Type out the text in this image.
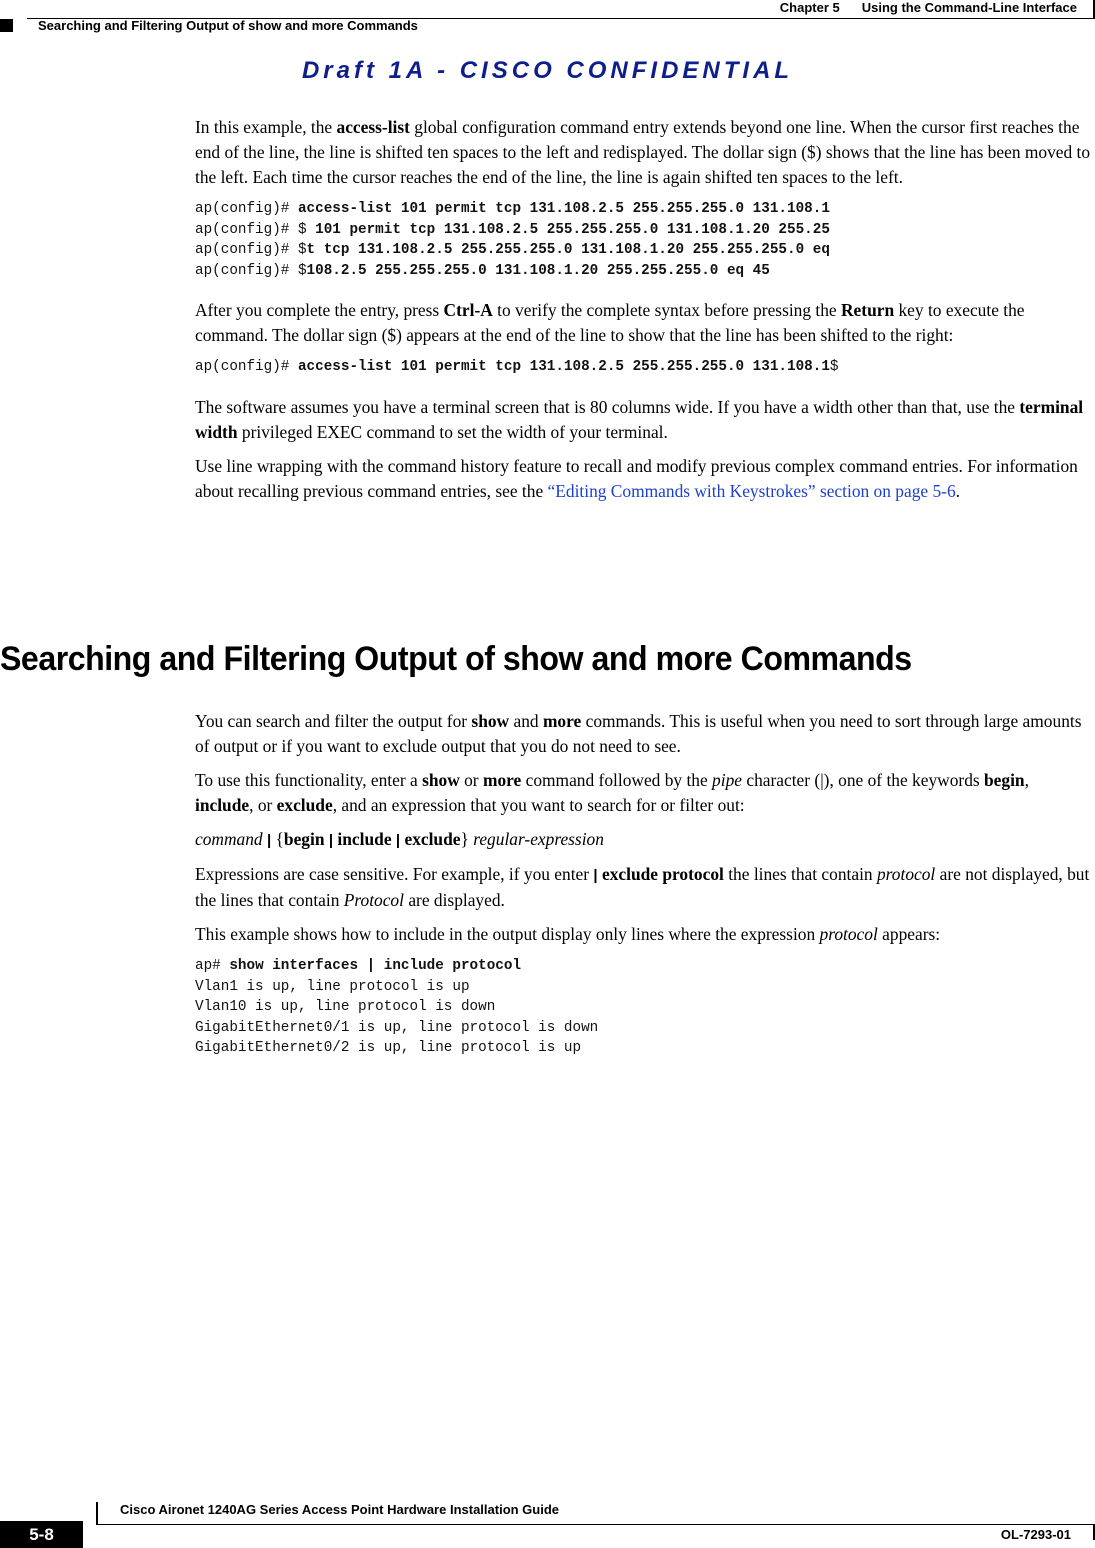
Chapter 5 Using the Command-Line Interface
Searching and Filtering Output of show and more Commands
Draft 1A - CISCO CONFIDENTIAL

In this example, the access-list global configuration command entry extends beyond one line. When the cursor first reaches the end of the line, the line is shifted ten spaces to the left and redisplayed. The dollar sign ($) shows that the line has been moved to the left. Each time the cursor reaches the end of the line, the line is again shifted ten spaces to the left.

ap(config)# access-list 101 permit tcp 131.108.2.5 255.255.255.0 131.108.1
ap(config)# $ 101 permit tcp 131.108.2.5 255.255.255.0 131.108.1.20 255.25
ap(config)# $t tcp 131.108.2.5 255.255.255.0 131.108.1.20 255.255.255.0 eq
ap(config)# $108.2.5 255.255.255.0 131.108.1.20 255.255.255.0 eq 45

After you complete the entry, press Ctrl-A to verify the complete syntax before pressing the Return key to execute the command. The dollar sign ($) appears at the end of the line to show that the line has been shifted to the right:

ap(config)# access-list 101 permit tcp 131.108.2.5 255.255.255.0 131.108.1$

The software assumes you have a terminal screen that is 80 columns wide. If you have a width other than that, use the terminal width privileged EXEC command to set the width of your terminal.

Use line wrapping with the command history feature to recall and modify previous complex command entries. For information about recalling previous command entries, see the “Editing Commands with Keystrokes” section on page 5-6.

Searching and Filtering Output of show and more Commands

You can search and filter the output for show and more commands. This is useful when you need to sort through large amounts of output or if you want to exclude output that you do not need to see.

To use this functionality, enter a show or more command followed by the pipe character (|), one of the keywords begin, include, or exclude, and an expression that you want to search for or filter out:

command | {begin | include | exclude} regular-expression

Expressions are case sensitive. For example, if you enter | exclude protocol the lines that contain protocol are not displayed, but the lines that contain Protocol are displayed.

This example shows how to include in the output display only lines where the expression protocol appears:

ap# show interfaces | include protocol
Vlan1 is up, line protocol is up
Vlan10 is up, line protocol is down
GigabitEthernet0/1 is up, line protocol is down
GigabitEthernet0/2 is up, line protocol is up
5-8
Cisco Aironet 1240AG Series Access Point Hardware Installation Guide
OL-7293-01
